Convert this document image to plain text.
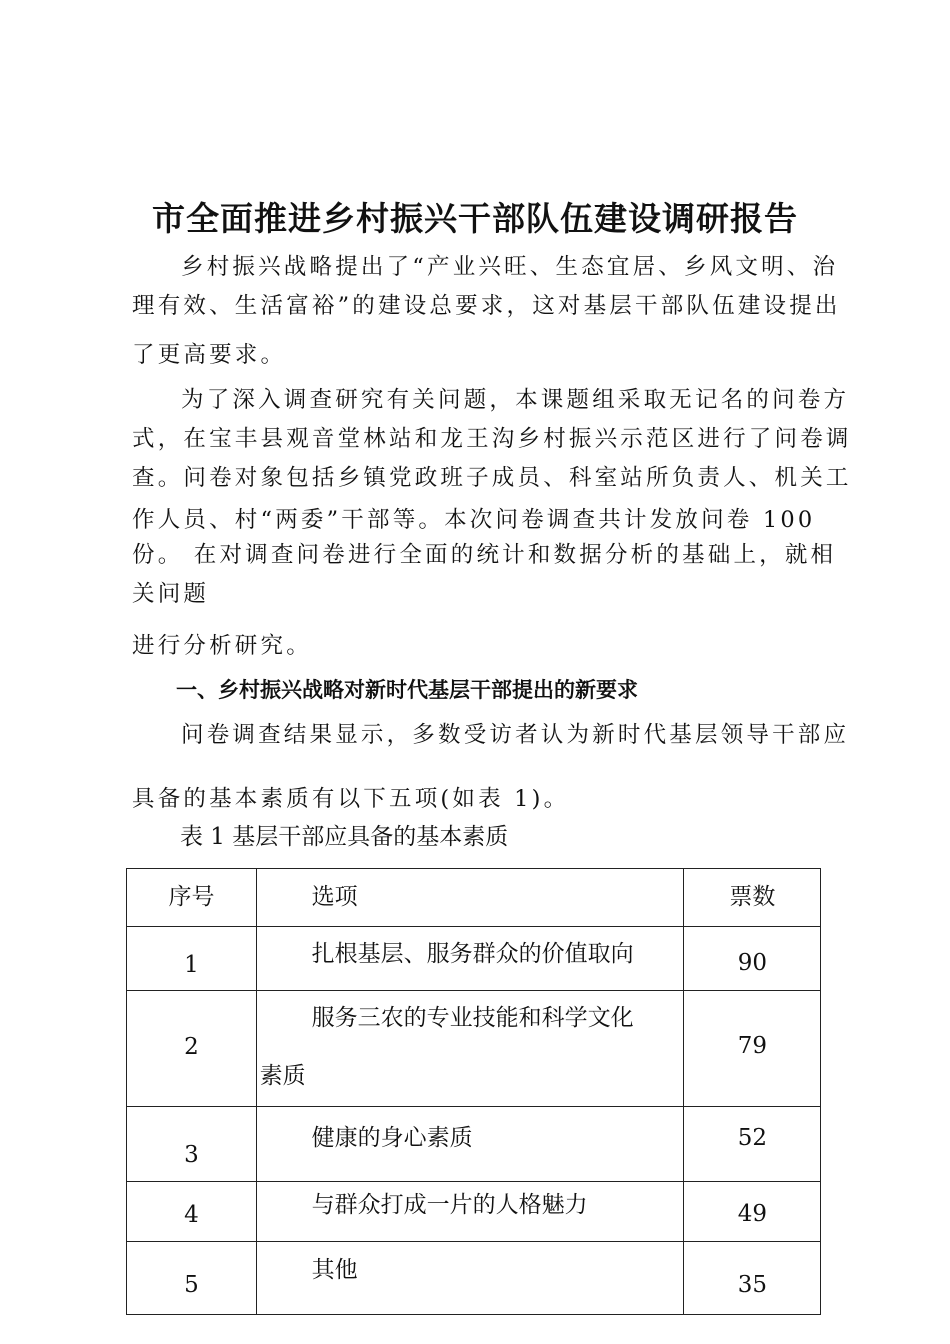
市全面推进乡村振兴干部队伍建设调研报告
乡村振兴战略提出了“产业兴旺、生态宜居、乡风文明、治
理有效、生活富裕”的建设总要求，这对基层干部队伍建设提出
了更高要求。
为了深入调查研究有关问题，本课题组采取无记名的问卷方
式，在宝丰县观音堂林站和龙王沟乡村振兴示范区进行了问卷调
查。问卷对象包括乡镇党政班子成员、科室站所负责人、机关工
作人员、村“两委”干部等。本次问卷调查共计发放问卷 100
份。 在对调查问卷进行全面的统计和数据分析的基础上，就相
关问题
进行分析研究。
一、乡村振兴战略对新时代基层干部提出的新要求
问卷调查结果显示，多数受访者认为新时代基层领导干部应
具备的基本素质有以下五项(如表 1)。
表 1 基层干部应具备的基本素质
序号	选项	票数

1	扎根基层、服务群众的价值取向	90

2	服务三农的专业技能和科学文化
素质	79

3	健康的身心素质	52

4	与群众打成一片的人格魅力	49

5	其他	35
